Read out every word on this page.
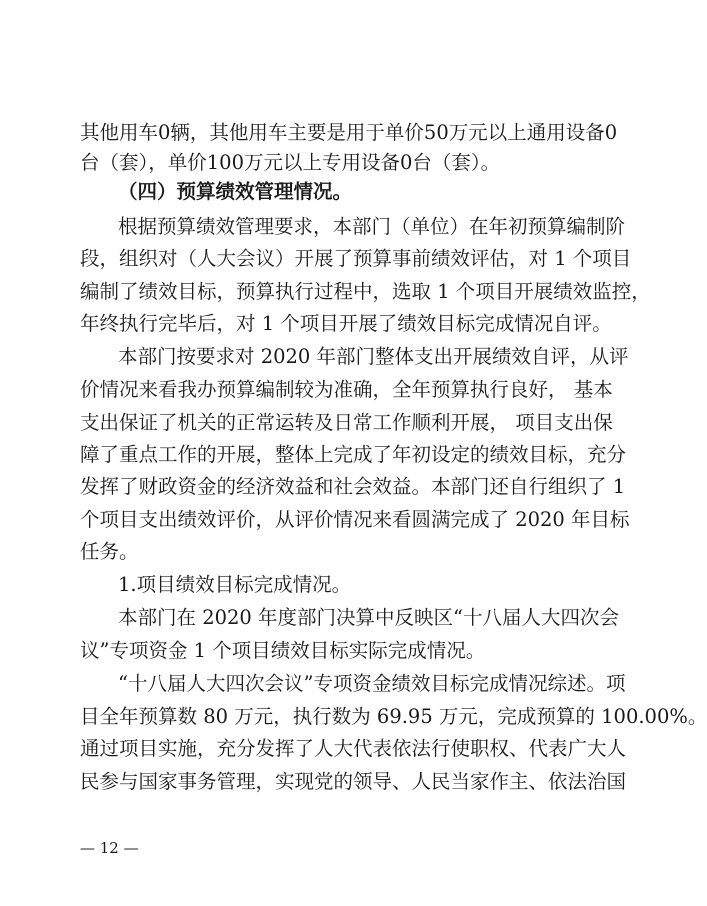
其他用车0辆，其他用车主要是用于单价50万元以上通用设备0
台（套），单价100万元以上专用设备0台（套）。
（四）预算绩效管理情况。
根据预算绩效管理要求，本部门（单位）在年初预算编制阶
段，组织对（人大会议）开展了预算事前绩效评估，对 1 个项目
编制了绩效目标，预算执行过程中，选取 1 个项目开展绩效监控，
年终执行完毕后，对 1 个项目开展了绩效目标完成情况自评。
本部门按要求对 2020 年部门整体支出开展绩效自评，从评
价情况来看我办预算编制较为准确，全年预算执行良好， 基本
支出保证了机关的正常运转及日常工作顺利开展， 项目支出保
障了重点工作的开展，整体上完成了年初设定的绩效目标，充分
发挥了财政资金的经济效益和社会效益。本部门还自行组织了 1
个项目支出绩效评价，从评价情况来看圆满完成了 2020 年目标
任务。
1.项目绩效目标完成情况。
本部门在 2020 年度部门决算中反映区“十八届人大四次会
议”专项资金 1 个项目绩效目标实际完成情况。
“十八届人大四次会议”专项资金绩效目标完成情况综述。项
目全年预算数 80 万元，执行数为 69.95 万元，完成预算的 100.00%。
通过项目实施，充分发挥了人大代表依法行使职权、代表广大人
民参与国家事务管理，实现党的领导、人民当家作主、依法治国
— 12 —
